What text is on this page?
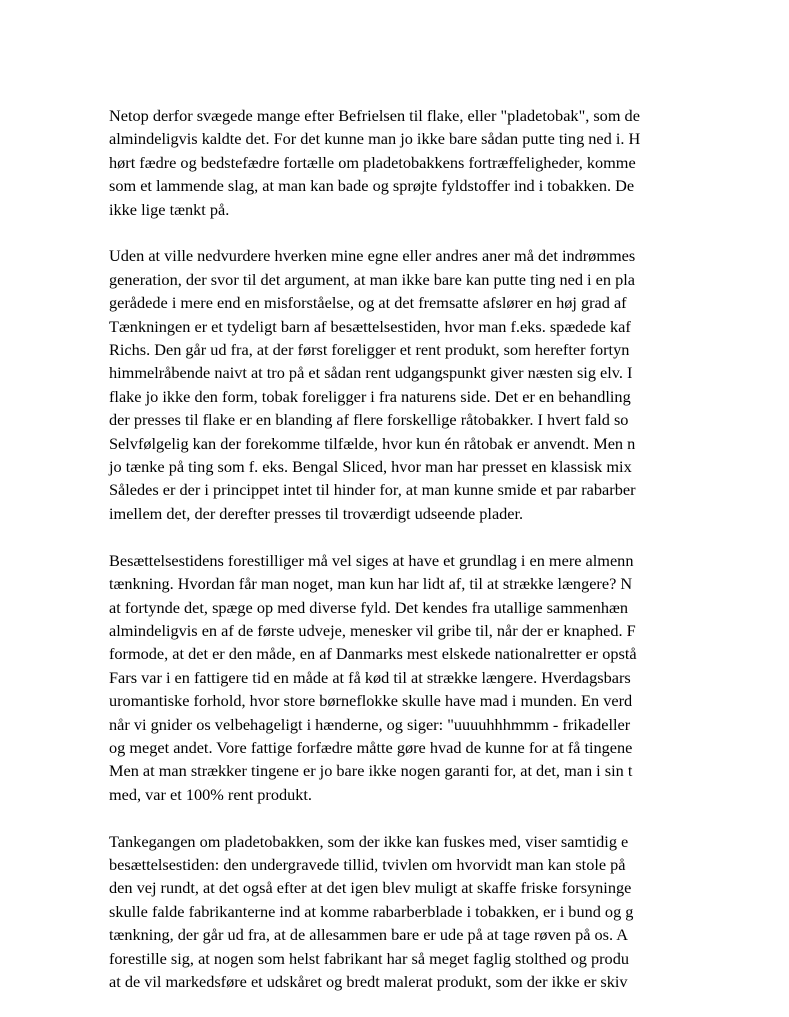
Netop derfor svægede mange efter Befrielsen til flake, eller "pladetobak", som de
almindeligvis kaldte det. For det kunne man jo ikke bare sådan putte ting ned i. H
hørt fædre og bedstefædre fortælle om pladetobakkens fortræffeligheder, komme
som et lammende slag, at man kan bade og sprøjte fyldstoffer ind i tobakken. De
ikke lige tænkt på.
Uden at ville nedvurdere hverken mine egne eller andres aner må det indrømmes
generation, der svor til det argument, at man ikke bare kan putte ting ned i en pla
gerådede i mere end en misforståelse, og at det fremsatte afslører en høj grad af
Tænkningen er et tydeligt barn af besættelsestiden, hvor man f.eks. spædede kaf
Richs. Den går ud fra, at der først foreligger et rent produkt, som herefter fortyn
himmelråbende naivt at tro på et sådan rent udgangspunkt giver næsten sig elv. I
flake jo ikke den form, tobak foreligger i fra naturens side. Det er en behandling
der presses til flake er en blanding af flere forskellige råtobakker. I hvert fald so
Selvfølgelig kan der forekomme tilfælde, hvor kun én råtobak er anvendt. Men n
jo tænke på ting som f. eks. Bengal Sliced, hvor man har presset en klassisk mix
Således er der i princippet intet til hinder for, at man kunne smide et par rabarber
imellem det, der derefter presses til troværdigt udseende plader.
Besættelsestidens forestilliger må vel siges at have et grundlag i en mere almenn
tænkning. Hvordan får man noget, man kun har lidt af, til at strække længere? N
at fortynde det, spæge op med diverse fyld. Det kendes fra utallige sammenhæn
almindeligvis en af de første udveje, menesker vil gribe til, når der er knaphed. F
formode, at det er den måde, en af Danmarks mest elskede nationalretter er opstå
Fars var i en fattigere tid en måde at få kød til at strække længere. Hverdagsbars
uromantiske forhold, hvor store børneflokke skulle have mad i munden. En verd
når vi gnider os velbehageligt i hænderne, og siger: "uuuuhhhmmm - frikadeller
og meget andet. Vore fattige forfædre måtte gøre hvad de kunne for at få tingene
Men at man strækker tingene er jo bare ikke nogen garanti for, at det, man i sin t
med, var et 100% rent produkt.
Tankegangen om pladetobakken, som der ikke kan fuskes med, viser samtidig e
besættelsestiden: den undergravede tillid, tvivlen om hvorvidt man kan stole på
den vej rundt, at det også efter at det igen blev muligt at skaffe friske forsyninge
skulle falde fabrikanterne ind at komme rabarberblade i tobakken, er i bund og g
tænkning, der går ud fra, at de allesammen bare er ude på at tage røven på os. A
forestille sig, at nogen som helst fabrikant har så meget faglig stolthed og produ
at de vil markedsføre et udskåret og bredt malerat produkt, som der ikke er skiv
